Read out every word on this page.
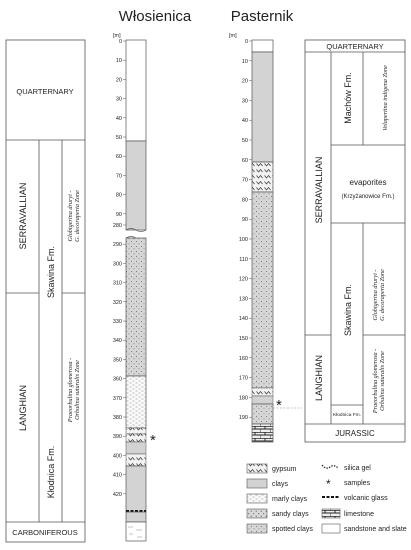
Włosienica	Pasternik
QUARTERNARY
SERRAVALLIAN
LANGHIAN
Skawina Fm.
Kłodnica Fm.
Globigerina druryi - G. decoraperta Zone
Praeorbulina glomerosa - Orbulina suturalis Zone
CARBONIFEROUS
[m]
0
10
20
30
40
50
60
70
80
90
280
290
300
310
320
330
340
350
360
370
380
390
400
410
420
*
[m]
0
10
20
30
40
50
60
70
80
90
100
110
120
130
140
150
160
170
180
190
*
QUARTERNARY
SERRAVALLIAN
LANGHIAN
Machów Fm.	Velapertina indigena Zone
evaporites
(Krzyżanowice Fm.)
Skawina Fm.	Globigerina druryi - G. decoraperta Zone
Praeorbulina glomerosa - Orbulina suturalis Zone
Kłodnica Fm.
JURASSIC
gypsum
clays
marly clays
sandy clays
spotted clays
silica gel
* samples
volcanic glass
limestone
sandstone and slate
